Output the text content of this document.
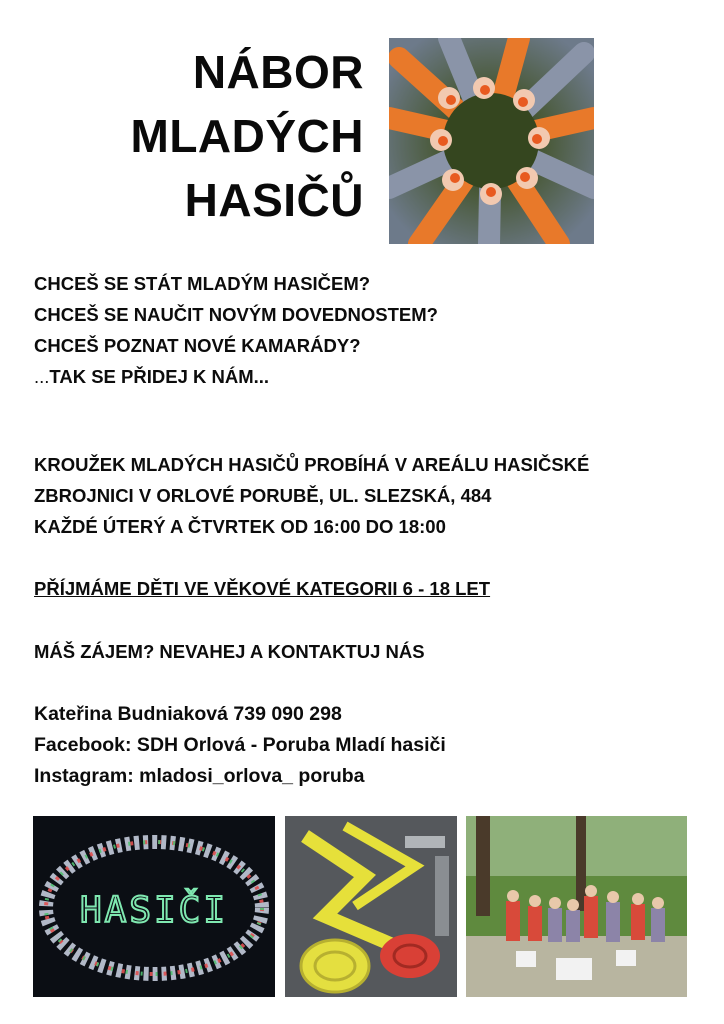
NÁBOR
MLADÝCH
HASIČŮ
CHCEŠ SE STÁT MLADÝM HASIČEM?
CHCEŠ SE NAUČIT NOVÝM DOVEDNOSTEM?
CHCEŠ POZNAT NOVÉ KAMARÁDY?
...TAK SE PŘIDEJ K NÁM...
KROUŽEK MLADÝCH HASIČŮ PROBÍHÁ V AREÁLU HASIČSKÉ
ZBROJNICI V ORLOVÉ PORUBĚ, UL. SLEZSKÁ, 484
KAŽDÉ ÚTERÝ A ČTVRTEK OD 16:00 DO 18:00
PŘÍJMÁME DĚTI VE VĚKOVÉ KATEGORII 6 - 18 LET
MÁŠ ZÁJEM? NEVAHEJ A KONTAKTUJ NÁS
Kateřina Budniaková 739 090 298
Facebook: SDH Orlová - Poruba Mladí hasiči
Instagram: mladosi_orlova_ poruba
HASIČI
